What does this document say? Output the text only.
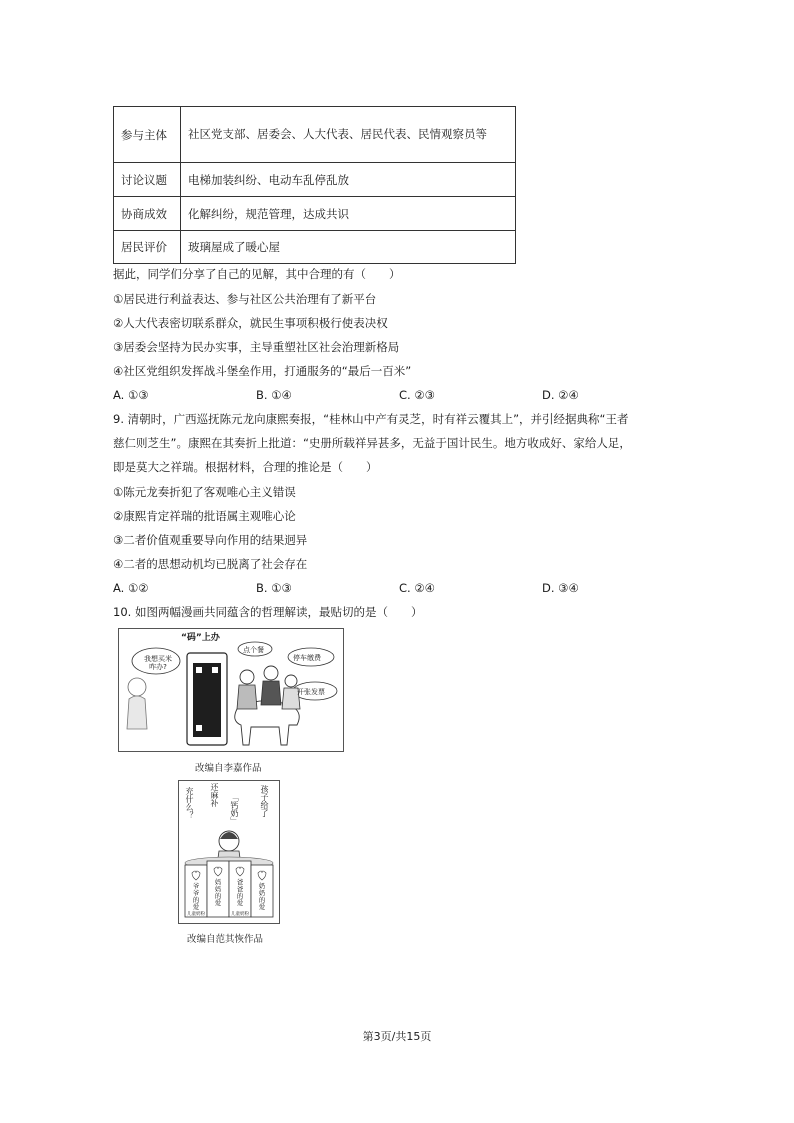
参与主体	社区党支部、居委会、人大代表、居民代表、民情观察员等
讨论议题	电梯加装纠纷、电动车乱停乱放
协商成效	化解纠纷，规范管理，达成共识
居民评价	玻璃屋成了暖心屋
据此，同学们分享了自己的见解，其中合理的有（　　）
①居民进行利益表达、参与社区公共治理有了新平台
②人大代表密切联系群众，就民生事项积极行使表决权
③居委会坚持为民办实事，主导重塑社区社会治理新格局
④社区党组织发挥战斗堡垒作用，打通服务的“最后一百米”
A. ①③	B. ①④	C. ②③	D. ②④
9. 清朝时，广西巡抚陈元龙向康熙奏报，“桂林山中产有灵芝，时有祥云覆其上”，并引经据典称“王者
慈仁则芝生”。康熙在其奏折上批道：“史册所载祥异甚多，无益于国计民生。地方收成好、家给人足，
即是莫大之祥瑞。根据材料，合理的推论是（　　）
①陈元龙奏折犯了客观唯心主义错误
②康熙肯定祥瑞的批语属主观唯心论
③二者价值观重要导向作用的结果迥异
④二者的思想动机均已脱离了社会存在
A. ①②	B. ①③	C. ②④	D. ③④
10. 如图两幅漫画共同蕴含的哲理解读，最贴切的是（　　）
“码”上办
我想买米咋办?
点个餐
停车缴费
开张发票
改编自李嘉作品
充什么？ 还麻补 「钙奶」	孩子给了
爷爷的爱
妈妈的爱
爸爸的爱
奶奶的爱
儿童奶粉	儿童奶粉
改编自范其恢作品
第3页/共15页
